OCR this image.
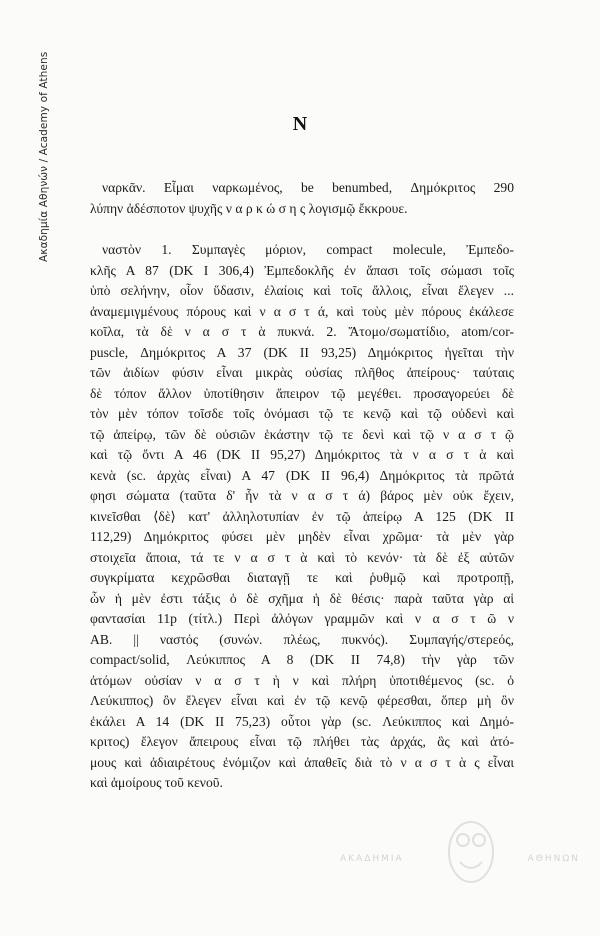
Ακαδημία Αθηνών / Academy of Athens	N
ναρκᾶν. Εἶμαι ναρκωμένος, be benumbed, Δημόκριτος 290
λύπην ἀδέσποτον ψυχῆς ν α ρ κ ώ σ η ς λογισμῷ ἔκκρουε.
ναστὸν 1. Συμπαγὲς μόριον, compact molecule, Ἐμπεδο-
κλῆς Α 87 (DK I 306,4) Ἐμπεδοκλῆς ἐν ἅπασι τοῖς σώμασι τοῖς
ὑπὸ σελήνην, οἷον ὕδασιν, ἐλαίοις καὶ τοῖς ἄλλοις, εἶναι ἔλεγεν ...
ἀναμεμιγμένους πόρους καὶ ν α σ τ ά, καὶ τοὺς μὲν πόρους ἐκάλεσε
κοῖλα, τὰ δὲ ν α σ τ ὰ πυκνά. 2. Ἄτομο/σωματίδιο, atom/cor-
puscle, Δημόκριτος Α 37 (DK II 93,25) Δημόκριτος ἡγεῖται τὴν
τῶν ἀιδίων φύσιν εἶναι μικρὰς οὐσίας πλῆθος ἀπείρους· ταύταις
δὲ τόπον ἄλλον ὑποτίθησιν ἄπειρον τῷ μεγέθει. προσαγορεύει δὲ
τὸν μὲν τόπον τοῖσδε τοῖς ὀνόμασι τῷ τε κενῷ καὶ τῷ οὐδενὶ καὶ
τῷ ἀπείρῳ, τῶν δὲ οὐσιῶν ἑκάστην τῷ τε δενὶ καὶ τῷ ν α σ τ ῷ
καὶ τῷ ὄντι Α 46 (DK II 95,27) Δημόκριτος τὰ ν α σ τ ὰ καὶ
κενὰ (sc. ἀρχὰς εἶναι) Α 47 (DK II 96,4) Δημόκριτος τὰ πρῶτά
φησι σώματα (ταῦτα δ' ἦν τὰ ν α σ τ ά) βάρος μὲν οὐκ ἔχειν,
κινεῖσθαι ⟨δὲ⟩ κατ' ἀλληλοτυπίαν ἐν τῷ ἀπείρῳ Α 125 (DK II
112,29) Δημόκριτος φύσει μὲν μηδὲν εἶναι χρῶμα· τὰ μὲν γὰρ
στοιχεῖα ἄποια, τά τε ν α σ τ ὰ καὶ τὸ κενόν· τὰ δὲ ἐξ αὐτῶν
συγκρίματα κεχρῶσθαι διαταγῇ τε καὶ ῥυθμῷ καὶ προτροπῇ,
ὧν ἡ μὲν ἐστι τάξις ὁ δὲ σχῆμα ἡ δὲ θέσις· παρὰ ταῦτα γὰρ αἱ
φαντασίαι 11p (τίτλ.) Περὶ ἀλόγων γραμμῶν καὶ ν α σ τ ῶ ν
ΑΒ. || ναστός (συνών. πλέως, πυκνός). Συμπαγής/στερεός,
compact/solid, Λεύκιππος Α 8 (DK II 74,8) τὴν γὰρ τῶν
ἀτόμων οὐσίαν ν α σ τ ὴ ν καὶ πλήρη ὑποτιθέμενος (sc. ὁ
Λεύκιππος) ὂν ἔλεγεν εἶναι καὶ ἐν τῷ κενῷ φέρεσθαι, ὅπερ μὴ ὂν
ἐκάλει Α 14 (DK II 75,23) οὗτοι γὰρ (sc. Λεύκιππος καὶ Δημό-
κριτος) ἔλεγον ἄπειρους εἶναι τῷ πλήθει τὰς ἀρχάς, ἃς καὶ ἀτό-
μους καὶ ἀδιαιρέτους ἐνόμιζον καὶ ἀπαθεῖς διὰ τὸ ν α σ τ ὰ ς εἶναι
καὶ ἀμοίρους τοῦ κενοῦ.
ΑΚΑΔΗΜΙΑ	ΑΘΗΝΩΝ
